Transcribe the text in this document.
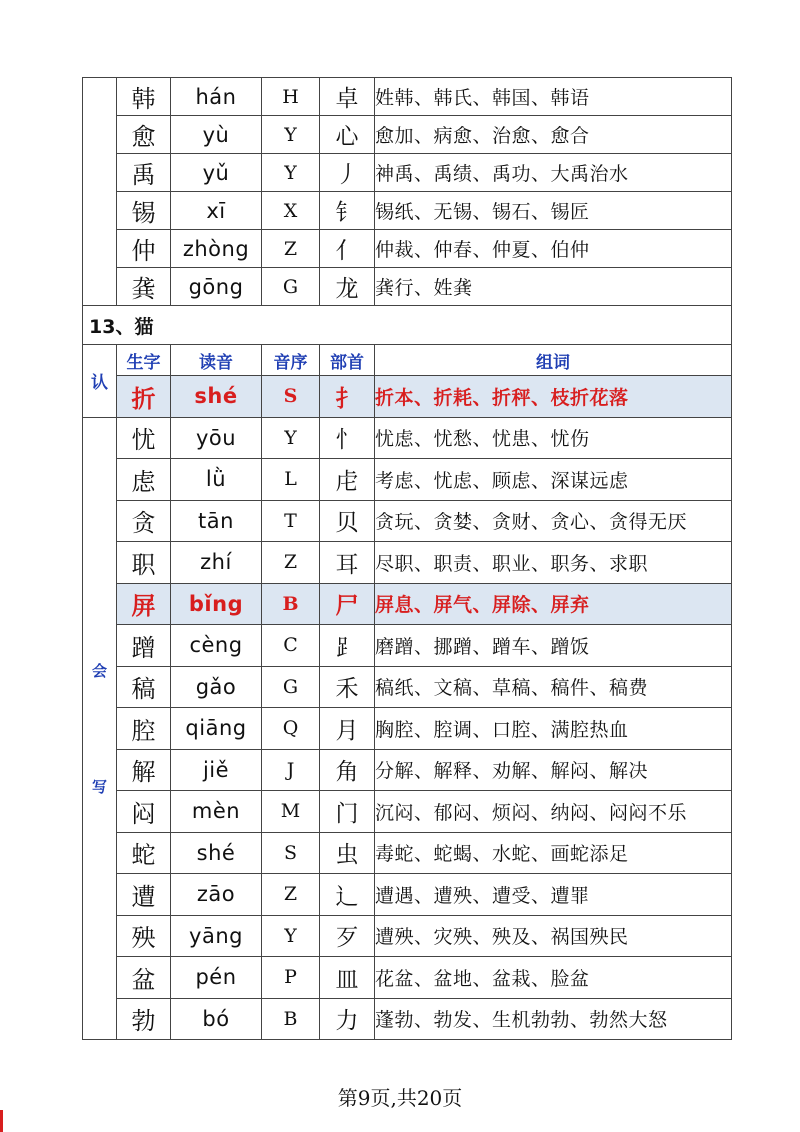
	韩	hán	H	卓	姓韩、韩氏、韩国、韩语
	愈	yù	Y	心	愈加、病愈、治愈、愈合
	禹	yǔ	Y	丿	神禹、禹绩、禹功、大禹治水
	锡	xī	X	钅	锡纸、无锡、锡石、锡匠
	仲	zhòng	Z	亻	仲裁、仲春、仲夏、伯仲
	龚	gōng	G	龙	龚行、姓龚
13、猫					
认	生字	读音	音序	部首	组词
	折	shé	S	扌	折本、折耗、折秤、枝折花落

会
写	忧	yōu	Y	忄	忧虑、忧愁、忧患、忧伤
	虑	lǜ	L	虍	考虑、忧虑、顾虑、深谋远虑
	贪	tān	T	贝	贪玩、贪婪、贪财、贪心、贪得无厌
	职	zhí	Z	耳	尽职、职责、职业、职务、求职
	屏	bǐng	B	尸	屏息、屏气、屏除、屏弃
	蹭	cèng	C	⻊	磨蹭、挪蹭、蹭车、蹭饭
	稿	gǎo	G	禾	稿纸、文稿、草稿、稿件、稿费
	腔	qiāng	Q	月	胸腔、腔调、口腔、满腔热血
	解	jiě	J	角	分解、解释、劝解、解闷、解决
	闷	mèn	M	门	沉闷、郁闷、烦闷、纳闷、闷闷不乐
	蛇	shé	S	虫	毒蛇、蛇蝎、水蛇、画蛇添足
	遭	zāo	Z	辶	遭遇、遭殃、遭受、遭罪
	殃	yāng	Y	歹	遭殃、灾殃、殃及、祸国殃民
	盆	pén	P	皿	花盆、盆地、盆栽、脸盆
	勃	bó	B	力	蓬勃、勃发、生机勃勃、勃然大怒
第9页,共20页
